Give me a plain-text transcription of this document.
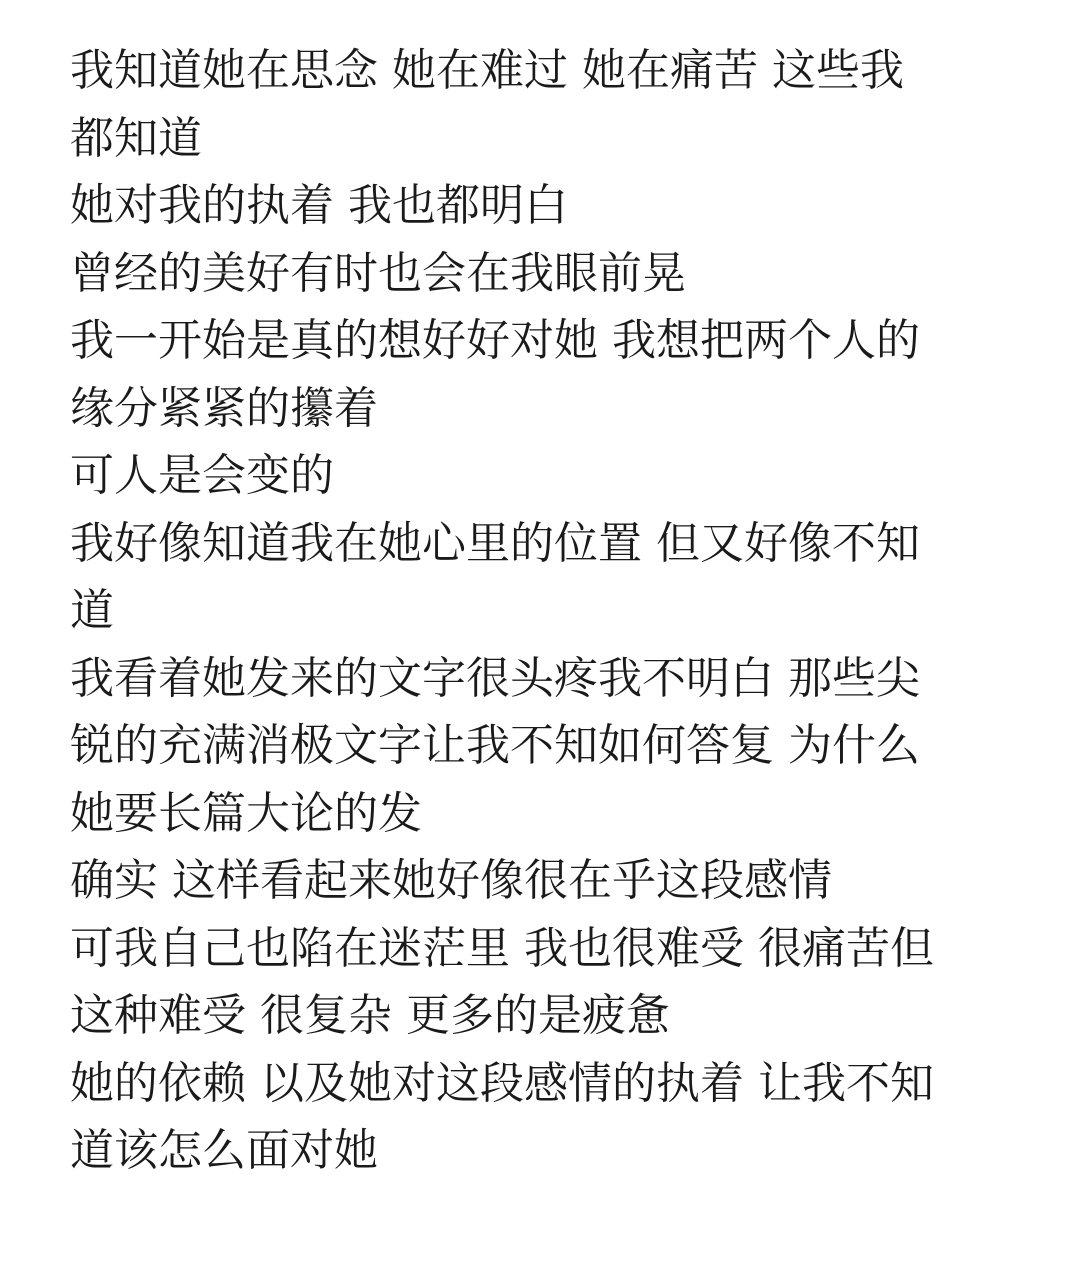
我知道她在思念 她在难过 她在痛苦 这些我
都知道
她对我的执着 我也都明白
曾经的美好有时也会在我眼前晃
我一开始是真的想好好对她 我想把两个人的
缘分紧紧的攥着
可人是会变的
我好像知道我在她心里的位置 但又好像不知
道
我看着她发来的文字很头疼我不明白 那些尖
锐的充满消极文字让我不知如何答复 为什么
她要长篇大论的发
确实 这样看起来她好像很在乎这段感情
可我自己也陷在迷茫里 我也很难受 很痛苦但
这种难受 很复杂 更多的是疲惫
她的依赖 以及她对这段感情的执着 让我不知
道该怎么面对她
